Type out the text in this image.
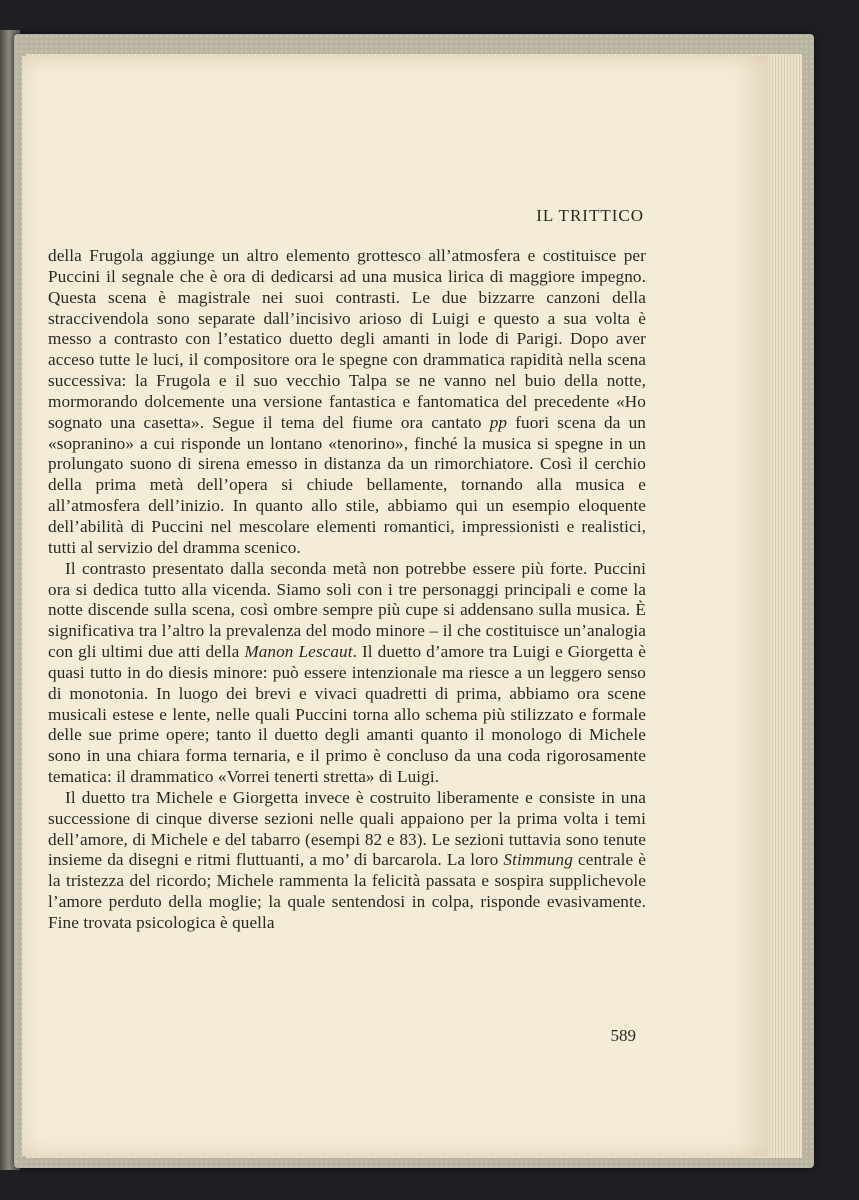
IL TRITTICO

della Frugola aggiunge un altro elemento grottesco all’atmosfera e costituisce per Puccini il segnale che è ora di dedicarsi ad una musica lirica di maggiore impegno. Questa scena è magistrale nei suoi contrasti. Le due bizzarre canzoni della straccivendola sono separate dall’incisivo arioso di Luigi e questo a sua volta è messo a contrasto con l’estatico duetto degli amanti in lode di Parigi. Dopo aver acceso tutte le luci, il compositore ora le spegne con drammatica rapidità nella scena successiva: la Frugola e il suo vecchio Talpa se ne vanno nel buio della notte, mormorando dolcemente una versione fantastica e fantomatica del precedente «Ho sognato una casetta». Segue il tema del fiume ora cantato pp fuori scena da un «sopranino» a cui risponde un lontano «tenorino», finché la musica si spegne in un prolungato suono di sirena emesso in distanza da un rimorchiatore. Così il cerchio della prima metà dell’opera si chiude bellamente, tornando alla musica e all’atmosfera dell’inizio. In quanto allo stile, abbiamo qui un esempio eloquente dell’abilità di Puccini nel mescolare elementi romantici, impressionisti e realistici, tutti al servizio del dramma scenico.

Il contrasto presentato dalla seconda metà non potrebbe essere più forte. Puccini ora si dedica tutto alla vicenda. Siamo soli con i tre personaggi principali e come la notte discende sulla scena, così ombre sempre più cupe si addensano sulla musica. È significativa tra l’altro la prevalenza del modo minore – il che costituisce un’analogia con gli ultimi due atti della Manon Lescaut. Il duetto d’amore tra Luigi e Giorgetta è quasi tutto in do diesis minore: può essere intenzionale ma riesce a un leggero senso di monotonia. In luogo dei brevi e vivaci quadretti di prima, abbiamo ora scene musicali estese e lente, nelle quali Puccini torna allo schema più stilizzato e formale delle sue prime opere; tanto il duetto degli amanti quanto il monologo di Michele sono in una chiara forma ternaria, e il primo è concluso da una coda rigorosamente tematica: il drammatico «Vorrei tenerti stretta» di Luigi.

Il duetto tra Michele e Giorgetta invece è costruito liberamente e consiste in una successione di cinque diverse sezioni nelle quali appaiono per la prima volta i temi dell’amore, di Michele e del tabarro (esempi 82 e 83). Le sezioni tuttavia sono tenute insieme da disegni e ritmi fluttuanti, a mo’ di barcarola. La loro Stimmung centrale è la tristezza del ricordo; Michele rammenta la felicità passata e sospira supplichevole l’amore perduto della moglie; la quale sentendosi in colpa, risponde evasivamente. Fine trovata psicologica è quella

589
